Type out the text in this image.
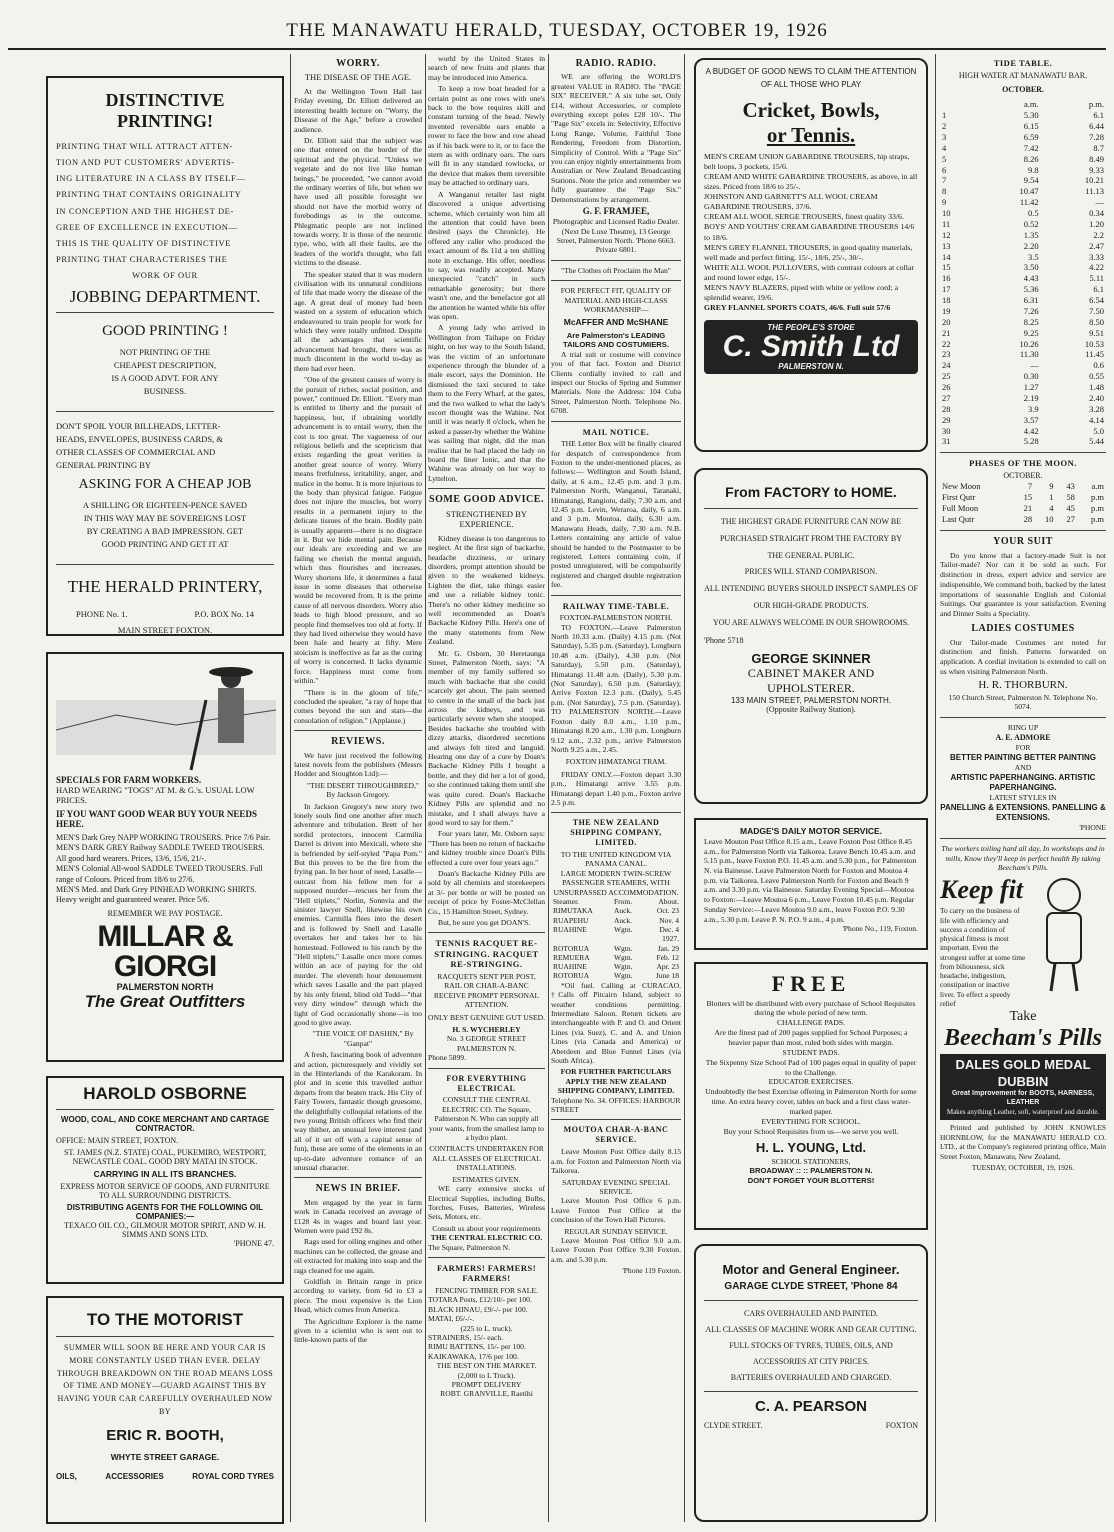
THE MANAWATU HERALD, TUESDAY, OCTOBER 19, 1926
DISTINCTIVE PRINTING!
PRINTING THAT WILL ATTRACT ATTEN-
TION AND PUT CUSTOMERS' ADVERTIS-
ING LITERATURE IN A CLASS BY ITSELF—
PRINTING THAT CONTAINS ORIGINALITY
IN CONCEPTION AND THE HIGHEST DE-
GREE OF EXCELLENCE IN EXECUTION—
THIS IS THE QUALITY OF DISTINCTIVE
PRINTING THAT CHARACTERISES THE
WORK OF OUR
JOBBING DEPARTMENT.
GOOD PRINTING !
NOT PRINTING OF THE
CHEAPEST DESCRIPTION,
IS A GOOD ADVT. FOR ANY
BUSINESS.
DON'T SPOIL YOUR BILLHEADS, LETTER-
HEADS, ENVELOPES, BUSINESS CARDS, &
OTHER CLASSES OF COMMERCIAL AND
GENERAL PRINTING BY
ASKING FOR A CHEAP JOB
A SHILLING OR EIGHTEEN-PENCE SAVED
IN THIS WAY MAY BE SOVEREIGNS LOST
BY CREATING A BAD IMPRESSION. GET
GOOD PRINTING AND GET IT AT
THE HERALD PRINTERY,
PHONE No. 1.	P.O. BOX No. 14
MAIN STREET FOXTON.
SPECIALS FOR FARM WORKERS.
HARD WEARING "TOGS" AT M. & G.'s. USUAL LOW PRICES.
IF YOU WANT GOOD WEAR BUY YOUR NEEDS HERE.
MEN'S Dark Grey NAPP WORKING TROUSERS. Price 7/6 Pair.
MEN'S DARK GREY Railway SADDLE TWEED TROUSERS. All good hard wearers. Prices, 13/6, 15/6, 21/-.
MEN'S Colonial All-wool SADDLE TWEED TROUSERS. Full range of Colours. Priced from 18/6 to 27/6.
MEN'S Med. and Dark Grey PINHEAD WORKING SHIRTS. Heavy weight and guaranteed wearer. Price 5/6.
REMEMBER WE PAY POSTAGE.
MILLAR & GIORGI
PALMERSTON NORTH
The Great Outfitters
HAROLD OSBORNE
WOOD, COAL, AND COKE MERCHANT AND CARTAGE CONTRACTOR.
OFFICE: MAIN STREET, FOXTON.
ST. JAMES (N.Z. STATE) COAL, PUKEMIRO, WESTPORT, NEWCASTLE COAL. GOOD DRY MATAI IN STOCK.
CARRYING IN ALL ITS BRANCHES.
EXPRESS MOTOR SERVICE OF GOODS, AND FURNITURE TO ALL SURROUNDING DISTRICTS.
DISTRIBUTING AGENTS FOR THE FOLLOWING OIL COMPANIES:—
TEXACO OIL CO., GILMOUR MOTOR SPIRIT, AND W. H. SIMMS AND SONS LTD.
'PHONE 47.
TO THE MOTORIST
SUMMER WILL SOON BE HERE AND YOUR CAR IS MORE CONSTANTLY USED THAN EVER. DELAY THROUGH BREAKDOWN ON THE ROAD MEANS LOSS OF TIME AND MONEY—GUARD AGAINST THIS BY HAVING YOUR CAR CAREFULLY OVERHAULED NOW BY
ERIC R. BOOTH,
WHYTE STREET GARAGE.
OILS,	ACCESSORIES	ROYAL CORD TYRES
WORRY.
THE DISEASE OF THE AGE.

At the Wellington Town Hall last Friday evening, Dr. Elliott delivered an interesting health lecture on "Worry, the Disease of the Age," before a crowded audience.

Dr. Elliott said that the subject was one that entered on the border of the spiritual and the physical. "Unless we vegetate and do not live like human beings," he proceeded, "we cannot avoid the ordinary worries of life, but when we have used all possible foresight we should not have the morbid worry of forebodings as to the outcome. Phlegmatic people are not inclined towards worry. It is those of the neurotic type, who, with all their faults, are the leaders of the world's thought, who fall victims to the disease.

The speaker stated that it was modern civilisation with its unnatural conditions of life that made worry the disease of the age. A great deal of money had been wasted on a system of education which endeavoured to train people for work for which they were totally unfitted. Despite all the advantages that scientific advancement had brought, there was as much discontent in the world to-day as there had ever been.

"One of the greatest causes of worry is the pursuit of riches, social position, and power," continued Dr. Elliott. "Every man is entitled to liberty and the pursuit of happiness, but, if obtaining worldly advancement is to entail worry, then the cost is too great. The vagueness of our religious beliefs and the scepticism that exists regarding the great verities is another great source of worry. Worry means fretfulness, irritability, anger, and malice in the home. It is more injurious to the body than physical fatigue. Fatigue does not injure the muscles, but worry results in a permanent injury to the delicate tissues of the brain. Bodily pain is usually apparent—there is no disgrace in it. But we hide mental pain. Because our ideals are exceeding and we are failing we cherish the mental anguish, which thus flourishes and increases. Worry shortens life, it determines a fatal issue in some diseases that otherwise would be recovered from. It is the prime cause of all nervous disorders. Worry also leads to high blood pressure, and so people find themselves too old at forty. If they had lived otherwise they would have been hale and hearty at fifty. Mere stoicism is ineffective as far as the curing of worry is concerned. It lacks dynamic force. Happiness must come from within."

"There is in the gloom of life," concluded the speaker, "a ray of hope that comes beyond the sun and stars—the consolation of religion." (Applause.)

REVIEWS.

We have just received the following latest novels from the publishers (Messrs Hodder and Stoughton Ltd):—

"THE DESERT THROUGHBRED," By Jackson Gregory.

In Jackson Gregory's new story two lonely souls find one another after much adventure and tribulation. Brett of her sordid protectors, innocent Carmilia Darrel is driven into Mexicali, where she is befriended by self-styled "Papa Pom." But this proves to be the fire from the frying pan. In her hour of need, Lasalle—outcast from his fellow men for a supposed murder—rescues her from the "Hell triplets," Norlin, Sonnvia and the sinister lawyer Snell, likewise his own enemies. Carmilla flees into the desert and is followed by Snell and Lasalle overtakes her and takes her to his homestead. Followed to his ranch by the "Hell triplets," Lasalle once more comes within an ace of paying for the old murder. The eleventh hour denouement which saves Lasalle and the part played by his only friend, blind old Todd—"that very dirty window" through which the light of God occasionally shone—is too good to give away.

"THE VOICE OF DASHIN," By "Ganpat"

A fresh, fascinating book of adventure and action, picturesquely and vividly set in the Hinterlands of the Karakoram. In plot and in scene this travelled author departs from the beaten track. His City of Fairy Towers, fantastic though gruesome, the delightfully colloquial relations of the two young British officers who find their way thither, an unusual love interest (and all of it set off with a capital sense of fun), these are some of the elements in an up-to-date adventure romance of an unusual character.

NEWS IN BRIEF.

Men engaged by the year in farm work in Canada received an average of £128 4s in wages and board last year. Women were paid £92 8s.

Rags used for oiling engines and other machines can be collected, the grease and oil extracted for making into soap and the rags cleaned for use again.

Goldfish in Britain range in price according to variety, from 6d to £3 a piece. The most expensive is the Lion Head, which comes from America.

The Agriculture Explorer is the name given to a scientist who is sent out to little-known parts of the

world by the United States in search of new fruits and plants that may be introduced into America.

To keep a row boat headed for a certain point as one rows with one's back to the bow requires skill and constant turning of the head. Newly invented reversible oars enable a rower to face the bow and row ahead as if his back were to it, or to face the stern as with ordinary oars. The oars will fit in any standard rowlocks, or the device that makes them reversible may be attached to ordinary oars.

A Wanganui retailer last night discovered a unique advertising scheme, which certainly won him all the attention that could have been desired (says the Chronicle). He offered any caller who produced the exact amount of 8s 11d a ten shilling note in exchange. His offer, needless to say, was readily accepted. Many unexpected "catch" in such remarkable generosity; but there wasn't one, and the benefactor got all the attention he wanted while his offer was open.

A young lady who arrived in Wellington from Taihape on Friday night, on her way to the South Island, was the victim of an unfortunate experience through the blunder of a male escort, says the Dominion. He dismissed the taxi secured to take them to the Ferry Wharf, at the gates, and the two walked to what the lady's escort thought was the Wahine. Not until it was nearly 8 o'clock, when he asked a passer-by whether the Wahine was sailing that night, did the man realise that he had placed the lady on board the liner Ionic, and that the Wahine was already on her way to Lyttelton.

SOME GOOD ADVICE.
STRENGTHENED BY EXPERIENCE.

Kidney disease is too dangerous to neglect. At the first sign of backache, headache dizziness, or urinary disorders, prompt attention should be given to the weakened kidneys. Lighten the diet, take things easier and use a reliable kidney tonic. There's no other kidney medicine so well recommended as Doan's Backache Kidney Pills. Here's one of the many statements from New Zealand.

Mr. G. Osborn, 30 Heretaunga Street, Palmerston North, says: "A member of my family suffered so much with backache that she could scarcely get about. The pain seemed to centre in the small of the back just across the kidneys, and was particularly severe when she stooped. Besides backache she troubled with dizzy attacks, disordered secretions and always felt tired and languid. Hearing one day of a cure by Doan's Backache Kidney Pills I bought a bottle, and they did her a lot of good, so she continued taking them until she was quite cured. Doan's Backache Kidney Pills are splendid and no mistake, and I shall always have a good word to say for them."

Four years later, Mr. Osborn says: "There has been no return of backache and kidney trouble since Doan's Pills effected a cure over four years ago."

Doan's Backache Kidney Pills are sold by all chemists and storekeepers at 3/- per bottle or will be posted on receipt of price by Foster-McClellan Co., 15 Hamilton Street, Sydney.

But, be sure you get DOAN'S.

TENNIS RACQUET RE-STRINGING. RACQUET RE-STRINGING.
RACQUETS SENT PER POST, RAIL OR CHAR-A-BANC RECEIVE PROMPT PERSONAL ATTENTION.
ONLY BEST GENUINE GUT USED.
H. S. WYCHERLEY
No. 3 GEORGE STREET PALMERSTON N.
Phone 5899.
FOR EVERYTHING ELECTRICAL
CONSULT THE CENTRAL ELECTRIC CO. The Square, Palmerston N. Who can supply all your wants, from the smallest lamp to a hydro plant.
CONTRACTS UNDERTAKEN FOR ALL CLASSES OF ELECTRICAL INSTALLATIONS.
ESTIMATES GIVEN.

WE carry extensive stocks of Electrical Supplies, including Bulbs, Torches, Fuses, Batteries, Wireless Sets, Motors, etc.

Consult us about your requirements
THE CENTRAL ELECTRIC CO.
The Square, Palmerston N.
FARMERS! FARMERS! FARMERS!
FENCING TIMBER FOR SALE.
TOTARA Posts, £12/10/- per 100.
BLACK HINAU, £9/-/- per 100.
MATAI, £6/-/-.
(225 to L. truck).
STRAINERS, 15/- each.
RIMU BATTENS, 15/- per 100.
KAIKAWAKA, 17/6 per 100.
THE BEST ON THE MARKET. (2,000 to L Truck).
PROMPT DELIVERY
ROBT. GRANVILLE, Raetihi
RADIO. RADIO.

WE are offering the WORLD'S greatest VALUE in RADIO. The "PAGE SIX" RECEIVER." A six tube set, Only £14, without Accessories, or complete everything except poles £28 10/-. The "Page Six" excels in: Selectivity, Effective Long Range, Volume, Faithful Tone Rendering, Freedom from Distortion, Simplicity of Control. With a "Page Six" you can enjoy nightly entertainments from Australian or New Zealand Broadcasting Stations. Note the price and remember we fully guarantee the "Page Six." Demonstrations by arrangement.

G. F. FRAMJEE,
Photographic and Licensed Radio Dealer.
(Next De Luxe Theatre), 13 George Street, Palmerston North. 'Phone 6663. Private 6801.
"The Clothes oft Proclaim the Man"
FOR PERFECT FIT, QUALITY OF MATERIAL AND HIGH-CLASS WORKMANSHIP—
McAFFER AND McSHANE
Are Palmerston's LEADING TAILORS AND COSTUMIERS.

A trial suit or costume will convince you of that fact. Foxton and District Clients cordially invited to call and inspect our Stocks of Spring and Summer Materials. Note the Address: 104 Cuba Street, Palmerston North. Telephone No. 6708.

MAIL NOTICE.

THE Letter Box will be finally cleared for despatch of correspondence from Foxton to the under-mentioned places, as follows:— Wellington and South Island, daily, at 6 a.m., 12.45 p.m. and 3 p.m. Palmerston North, Wanganui, Taranaki, Himatangi, Rangiotu, daily, 7.30 a.m. and 12.45 p.m. Levin, Weraroa, daily, 6 a.m. and 3 p.m. Moutoa, daily, 6.30 a.m. Manawatu Heads, daily, 7.30 a.m. N.B. Letters containing any article of value should be handed to the Postmaster to be registered. Letters containing coin, if posted unregistered, will be compulsorily registered and charged double registration fee.

RAILWAY TIME-TABLE.
FOXTON-PALMERSTON NORTH.

TO FOXTON.—Leave Palmerston North 10.33 a.m. (Daily) 4.15 p.m. (Not Saturday), 5.35 p.m. (Saturday), Longburn 10.48 a.m. (Daily), 4.30 p.m. (Not Saturday), 5.50 p.m. (Saturday), Himatangi 11.48 a.m. (Daily), 5.30 p.m. (Not Saturday), 6.50 p.m. (Saturday); Arrive Foxton 12.3 p.m. (Daily), 5.45 p.m. (Not Saturday), 7.5 p.m. (Saturday). TO PALMERSTON NORTH.—Leave Foxton daily 8.0 a.m., 1.10 p.m., Himatangi 8.20 a.m., 1.30 p.m. Longburn 9.12 a.m., 2.32 p.m., arrive Palmerston North 9.25 a.m., 2.45.

FOXTON HIMATANGI TRAM.

FRIDAY ONLY.—Foxton depart 3.30 p.m., Himatangi arrive 3.55 p.m. Himatangi depart 1.40 p.m., Foxton arrive 2.5 p.m.

THE NEW ZEALAND SHIPPING COMPANY, LIMITED.
TO THE UNITED KINGDOM VIA PANAMA CANAL.
LARGE MODERN TWIN-SCREW PASSENGER STEAMERS, WITH UNSURPASSED ACCOMMODATION.
Steamer.	From.	About.
RIMUTAKA	Auck.	Oct. 23
RUAPEHU	Auck.	Nov. 4
RUAHINE	Wgtn.	Dec. 4
		1927.
ROTORUA	Wgtn.	Jan. 29
REMUERA	Wgtn.	Feb. 12
RUAHINE	Wgtn.	Apr. 23
ROTORUA	Wgtn.	June 18

*Oil fuel. Calling at CURACAO. †Calls off Pitcairn Island, subject to weather conditions permitting. Intermediate Saloon. Return tickets are interchangeable with P. and O. and Orient Lines (via Suez), C. and A. and Union Lines (via Canada and America) or Aberdeen and Blue Funnel Lines (via South Africa).

FOR FURTHER PARTICULARS APPLY THE NEW ZEALAND SHIPPING COMPANY, LIMITED.
Telephone No. 34. OFFICES: HARBOUR STREET
MOUTOA CHAR-A-BANC SERVICE.

Leave Mouton Post Office daily 8.15 a.m. for Foxton and Palmerston North via Taikorea.

SATURDAY EVENING SPECIAL SERVICE.

Leave Mouton Post Office 6 p.m. Leave Foxton Post Office at the conclusion of the Town Hall Pictures.

REGULAR SUNDAY SERVICE.

Leave Mouton Post Office 9.0 a.m. Leave Foxton Post Office 9.30 Foxton. a.m. and 5.30 p.m.

'Phone 119 Foxton.
A BUDGET OF GOOD NEWS TO CLAIM THE ATTENTION OF ALL THOSE WHO PLAY
Cricket, Bowls,
or Tennis.
MEN'S CREAM UNION GABARDINE TROUSERS, hip straps, belt loops, 3 pockets, 15/6.
CREAM AND WHITE GABARDINE TROUSERS, as above, in all sizes. Priced from 18/6 to 25/-.
JOHNSTON AND GARNETT'S ALL WOOL CREAM GABARDINE TROUSERS, 37/6.
CREAM ALL WOOL SERGE TROUSERS, finest quality 33/6.
BOYS' AND YOUTHS' CREAM GABARDINE TROUSERS 14/6 to 18/6.
MEN'S GREY FLANNEL TROUSERS, in good quality materials, well made and perfect fitting, 15/-, 18/6, 25/-, 30/-.
WHITE ALL WOOL PULLOVERS, with contrast colours at collar and round lower edge, 15/-.
MEN'S NAVY BLAZERS, piped with white or yellow cord; a splendid wearer, 19/6.
GREY FLANNEL SPORTS COATS, 46/6. Full suit 57/6
THE PEOPLE'S STORE
C. Smith Ltd
PALMERSTON N.
From FACTORY to HOME.
THE HIGHEST GRADE FURNITURE CAN NOW BE
PURCHASED STRAIGHT FROM THE FACTORY BY
THE GENERAL PUBLIC.
PRICES WILL STAND COMPARISON.
ALL INTENDING BUYERS SHOULD INSPECT SAMPLES OF OUR HIGH-GRADE PRODUCTS.
YOU ARE ALWAYS WELCOME IN OUR SHOWROOMS.
'Phone 5718
GEORGE SKINNER
CABINET MAKER AND UPHOLSTERER.
133 MAIN STREET, PALMERSTON NORTH.
(Opposite Railway Station).
MADGE'S DAILY MOTOR SERVICE.
Leave Mouton Post Office 8.15 a.m., Leave Foxton Post Office 8.45 a.m., for Palmerston North via Taikorea. Leave Bench 10.45 a.m. and 5.15 p.m., leave Foxton P.O. 11.45 a.m. and 5.30 p.m., for Palmerston N. via Bainesse. Leave Palmerston North for Foxton and Moutoa 4 p.m. via Taikorea. Leave Palmerston North for Foxton and Beach 9 a.m. and 3.30 p.m. via Bainesse. Saturday Evening Special—Moutoa to Foxton:—Leave Moutoa 6 p.m., Leave Foxton 10.45 p.m. Regular Sunday Service:—Leave Moutoa 9.0 a.m., leave Foxton P.O. 9.30 a.m., 5.30 p.m. Leave P. N. P.O. 9 a.m., 4 p.m.
'Phone No., 119, Foxton.
FREE
Blotters will be distributed with every purchase of School Requisites during the whole period of new term.
CHALLENGE PADS.
Are the finest pad of 200 pages supplied for School Purposes; a heavier paper than most, ruled both sides with margin.
STUDENT PADS.
The Sixpenny Size School Pad of 100 pages equal in quality of paper to the Challenge.
EDUCATOR EXERCISES.
Undoubtedly the best Exercise offering in Palmerston North for some time. An extra heavy cover, tables on back and a first class water-marked paper.
EVERYTHING FOR SCHOOL.
Buy your School Requisites from us—we serve you well.
H. L. YOUNG, Ltd.
SCHOOL STATIONERS,
BROADWAY :: :: PALMERSTON N.
DON'T FORGET YOUR BLOTTERS!
Motor and General Engineer.
GARAGE CLYDE STREET, 'Phone 84
CARS OVERHAULED AND PAINTED.
ALL CLASSES OF MACHINE WORK AND GEAR CUTTING.
FULL STOCKS OF TYRES, TUBES, OILS, AND ACCESSORIES AT CITY PRICES.
BATTERIES OVERHAULED AND CHARGED.
C. A. PEARSON
CLYDE STREET.	FOXTON
TIDE TABLE.
HIGH WATER AT MANAWATU BAR.
OCTOBER.
	a.m.	p.m.
1	5.30	6.1
2	6.15	6.44
3	6.59	7.28
4	7.42	8.7
5	8.26	8.49
6	9.8	9.33
7	9.54	10.21
8	10.47	11.13
9	11.42	—
10	0.5	0.34
11	0.52	1.20
12	1.35	2.2
13	2.20	2.47
14	3.5	3.33
15	3.50	4.22
16	4.43	5.11
17	5.36	6.1
18	6.31	6.54
19	7.26	7.50
20	8.25	8.50
21	9.25	9.51
22	10.26	10.53
23	11.30	11.45
24	—	0.6
25	0.30	0.55
26	1.27	1.48
27	2.19	2.40
28	3.9	3.28
29	3.57	4.14
30	4.42	5.0
31	5.28	5.44
PHASES OF THE MOON.
OCTOBER.
New Moon	7	9	43	a.m
First Qutr	15	1	58	p.m
Full Moon	21	4	45	p.m
Last Qutr	28	10	27	p.m
YOUR SUIT

Do you know that a factory-made Suit is not Tailor-made? Nor can it be sold as such. For distinction in dress, expert advice and service are indispensible, We command both, backed by the latest importations of seasonable English and Colonial Suitings. Our guarantee is your satisfaction. Evening and Dinner Suits a Speciality.

LADIES COSTUMES

Our Tailor-made Costumes are noted for distinction and finish. Patterns forwarded on application. A cordial invitation is extended to call on us when visiting Palmerston North.

H. R. THORBURN.
150 Church Street, Palmerston N. Telephone No. 5074.
RING UP
A. E. ADMORE
FOR
BETTER PAINTING BETTER PAINTING
AND
ARTISTIC PAPERHANGING. ARTISTIC PAPERHANGING.
LATEST STYLES IN
PANELLING & EXTENSIONS. PANELLING & EXTENSIONS.
'PHONE
The workers toiling hard all day, In workshops and in mills, Know they'll keep in perfect health By taking Beecham's Pills.
Keep fit
To carry on the business of life with efficiency and success a condition of physical fitness is most important. Even the strongest suffer at some time from biliousness, sick headache, indigestion, constipation or inactive liver. To effect a speedy relief
Take
Beecham's Pills
DALES GOLD MEDAL DUBBIN
Great Improvement for BOOTS, HARNESS, LEATHER
Makes anything Leather, soft, waterproof and durable.

Printed and published by JOHN KNOWLES HORNBLOW, for the MANAWATU HERALD CO. LTD., at the Company's registered printing office, Main Street Foxton, Manawatu, New Zealand,

TUESDAY, OCTOBER, 19, 1926.
